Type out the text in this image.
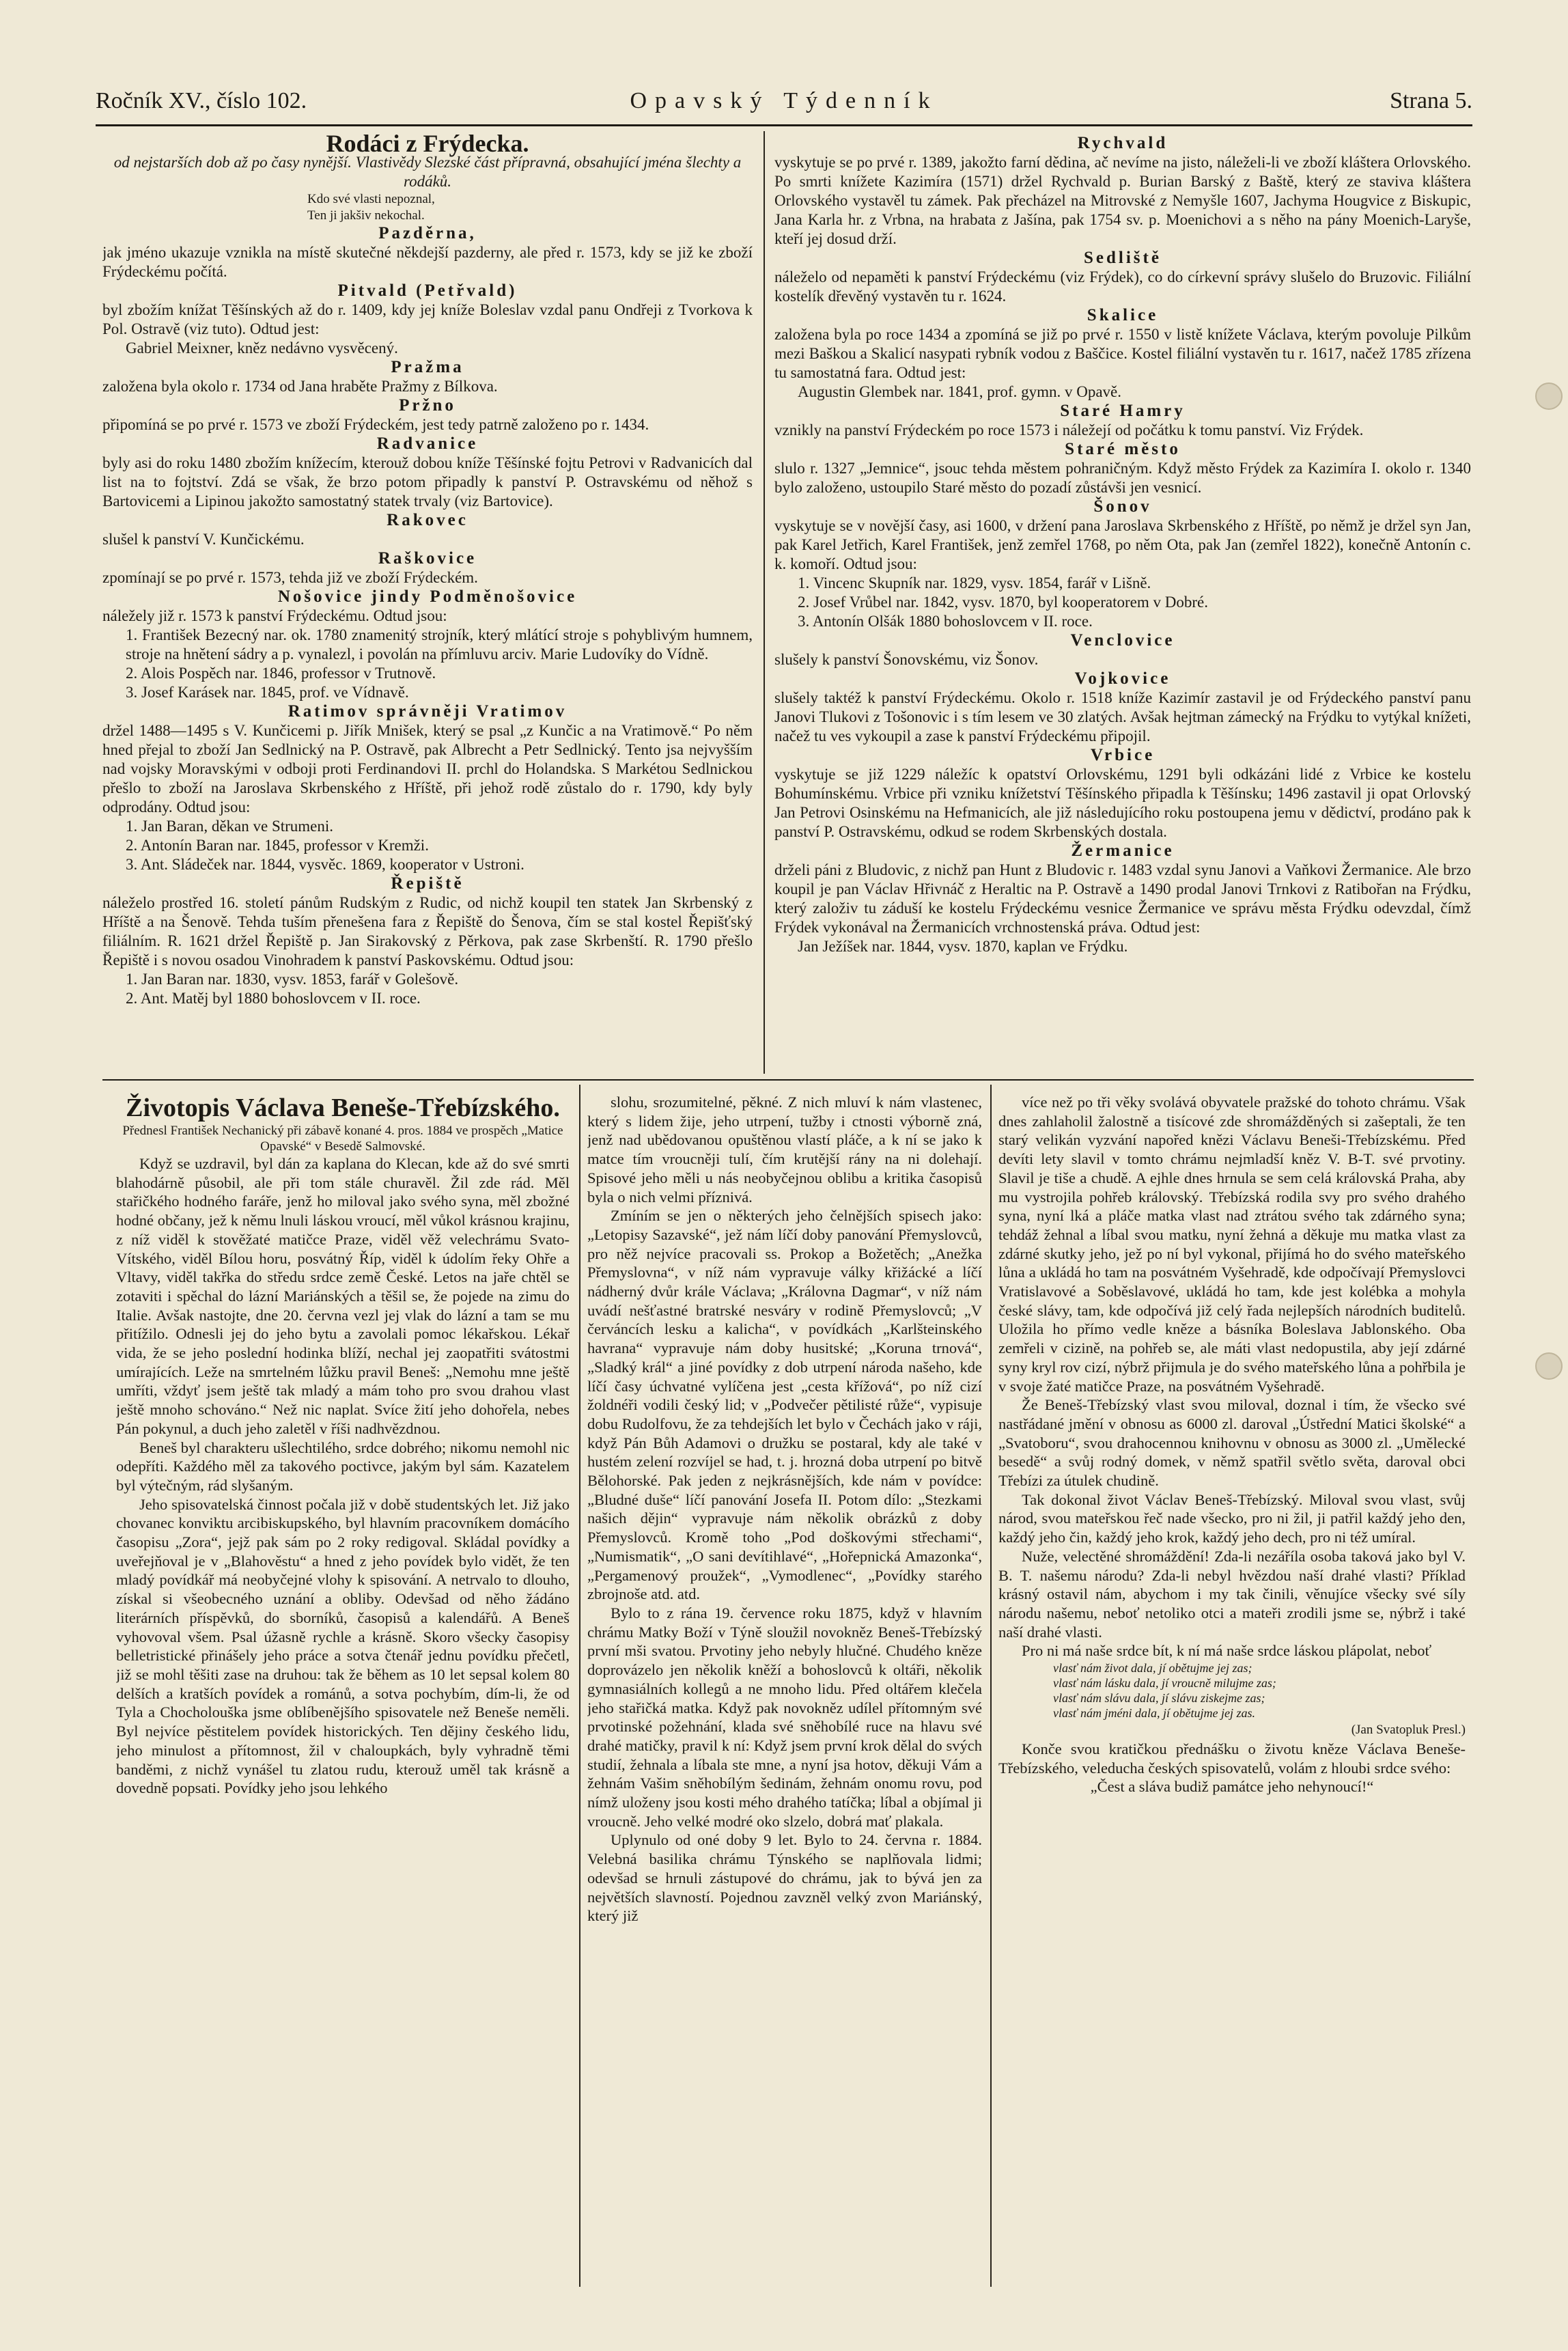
Ročník XV., číslo 102.	Opavský Týdenník	Strana 5.

Rodáci z Frýdecka.

od nejstarších dob až po časy nynější. Vlastivědy Slezské část přípravná, obsahující jména šlechty a rodáků.

Kdo své vlasti nepoznal,
Ten ji jakšiv nekochal.

Pazděrna,

jak jméno ukazuje vznikla na místě skutečné někdejší pazderny, ale před r. 1573, kdy se již ke zboží Frýdeckému počítá.

Pitvald (Petřvald)

byl zbožím knížat Těšínských až do r. 1409, kdy jej kníže Boleslav vzdal panu Ondřeji z Tvorkova k Pol. Ostravě (viz tuto). Odtud jest:

Gabriel Meixner, kněz nedávno vysvěcený.

Pražma

založena byla okolo r. 1734 od Jana hraběte Pražmy z Bílkova.

Pržno

připomíná se po prvé r. 1573 ve zboží Frýdeckém, jest tedy patrně založeno po r. 1434.

Radvanice

byly asi do roku 1480 zbožím knížecím, kterouž dobou kníže Těšínské fojtu Petrovi v Radvanicích dal list na to fojtství. Zdá se však, že brzo potom připadly k panství P. Ostravskému od něhož s Bartovicemi a Lipinou jakožto samostatný statek trvaly (viz Bartovice).

Rakovec

slušel k panství V. Kunčickému.

Raškovice

zpomínají se po prvé r. 1573, tehda již ve zboží Frýdeckém.

Nošovice jindy Podměnošovice

náležely již r. 1573 k panství Frýdeckému. Odtud jsou:

1. František Bezecný nar. ok. 1780 znamenitý strojník, který mlátící stroje s pohyblivým humnem, stroje na hnětení sádry a p. vynalezl, i povolán na přímluvu arciv. Marie Ludovíky do Vídně.

2. Alois Pospěch nar. 1846, professor v Trutnově.

3. Josef Karásek nar. 1845, prof. ve Vídnavě.

Ratimov správněji Vratimov

držel 1488—1495 s V. Kunčicemi p. Jiřík Mnišek, který se psal „z Kunčic a na Vratimově.“ Po něm hned přejal to zboží Jan Sedlnický na P. Ostravě, pak Albrecht a Petr Sedlnický. Tento jsa nejvyšším nad vojsky Moravskými v odboji proti Ferdinandovi II. prchl do Holandska. S Markétou Sedlnickou přešlo to zboží na Jaroslava Skrbenského z Hříště, při jehož rodě zůstalo do r. 1790, kdy byly odprodány. Odtud jsou:

1. Jan Baran, děkan ve Strumeni.

2. Antonín Baran nar. 1845, professor v Kremži.

3. Ant. Sládeček nar. 1844, vysvěc. 1869, kooperator v Ustroni.

Řepiště

náleželo prostřed 16. století pánům Rudským z Rudic, od nichž koupil ten statek Jan Skrbenský z Hříště a na Šenově. Tehda tuším přenešena fara z Řepiště do Šenova, čím se stal kostel Řepišťský filiálním. R. 1621 držel Řepiště p. Jan Sirakovský z Pěrkova, pak zase Skrbenští. R. 1790 přešlo Řepiště i s novou osadou Vinohradem k panství Paskovskému. Odtud jsou:

1. Jan Baran nar. 1830, vysv. 1853, farář v Golešově.

2. Ant. Matěj byl 1880 bohoslovcem v II. roce.

Rychvald

vyskytuje se po prvé r. 1389, jakožto farní dědina, ač nevíme na jisto, náleželi-li ve zboží kláštera Orlovského. Po smrti knížete Kazimíra (1571) držel Rychvald p. Burian Barský z Baště, který ze staviva kláštera Orlovského vystavěl tu zámek. Pak přecházel na Mitrovské z Nemyšle 1607, Jachyma Hougvice z Biskupic, Jana Karla hr. z Vrbna, na hrabata z Jašína, pak 1754 sv. p. Moenichovi a s něho na pány Moenich-Laryše, kteří jej dosud drží.

Sedliště

náleželo od nepaměti k panství Frýdeckému (viz Frýdek), co do církevní správy slušelo do Bruzovic. Filiální kostelík dřevěný vystavěn tu r. 1624.

Skalice

založena byla po roce 1434 a zpomíná se již po prvé r. 1550 v listě knížete Václava, kterým povoluje Pilkům mezi Baškou a Skalicí nasypati rybník vodou z Baščice. Kostel filiální vystavěn tu r. 1617, načež 1785 zřízena tu samostatná fara. Odtud jest:

Augustin Glembek nar. 1841, prof. gymn. v Opavě.

Staré Hamry

vznikly na panství Frýdeckém po roce 1573 i náležejí od počátku k tomu panství. Viz Frýdek.

Staré město

slulo r. 1327 „Jemnice“, jsouc tehda městem pohraničným. Když město Frýdek za Kazimíra I. okolo r. 1340 bylo založeno, ustoupilo Staré město do pozadí zůstávši jen vesnicí.

Šonov

vyskytuje se v novější časy, asi 1600, v držení pana Jaroslava Skrbenského z Hříště, po němž je držel syn Jan, pak Karel Jetřich, Karel František, jenž zemřel 1768, po něm Ota, pak Jan (zemřel 1822), konečně Antonín c. k. komoří. Odtud jsou:

1. Vincenc Skupník nar. 1829, vysv. 1854, farář v Lišně.

2. Josef Vrůbel nar. 1842, vysv. 1870, byl kooperatorem v Dobré.

3. Antonín Olšák 1880 bohoslovcem v II. roce.

Venclovice

slušely k panství Šonovskému, viz Šonov.

Vojkovice

slušely taktéž k panství Frýdeckému. Okolo r. 1518 kníže Kazimír zastavil je od Frýdeckého panství panu Janovi Tlukovi z Tošonovic i s tím lesem ve 30 zlatých. Avšak hejtman zámecký na Frýdku to vytýkal knížeti, načež tu ves vykoupil a zase k panství Frýdeckému připojil.

Vrbice

vyskytuje se již 1229 náležíc k opatství Orlovskému, 1291 byli odkázáni lidé z Vrbice ke kostelu Bohumínskému. Vrbice při vzniku knížetství Těšínského připadla k Těšínsku; 1496 zastavil ji opat Orlovský Jan Petrovi Osinskému na Hefmanicích, ale již následujícího roku postoupena jemu v dědictví, prodáno pak k panství P. Ostravskému, odkud se rodem Skrbenských dostala.

Žermanice

drželi páni z Bludovic, z nichž pan Hunt z Bludovic r. 1483 vzdal synu Janovi a Vaňkovi Žermanice. Ale brzo koupil je pan Václav Hřivnáč z Heraltic na P. Ostravě a 1490 prodal Janovi Trnkovi z Ratibořan na Frýdku, který založiv tu záduší ke kostelu Frýdeckému vesnice Žermanice ve správu města Frýdku odevzdal, čímž Frýdek vykonával na Žermanicích vrchnostenská práva. Odtud jest:

Jan Ježíšek nar. 1844, vysv. 1870, kaplan ve Frýdku.

Životopis Václava Beneše-Třebízského.

Přednesl František Nechanický při zábavě konané 4. pros. 1884 ve prospěch „Matice Opavské“ v Besedě Salmovské.

Když se uzdravil, byl dán za kaplana do Klecan, kde až do své smrti blahodárně působil, ale při tom stále churavěl. Žil zde rád. Měl stařičkého hodného faráře, jenž ho miloval jako svého syna, měl zbožné hodné občany, jež k němu lnuli láskou vroucí, měl vůkol krásnou krajinu, z níž viděl k stověžaté matičce Praze, viděl věž velechrámu Svato-Vítského, viděl Bílou horu, posvátný Říp, viděl k údolím řeky Ohře a Vltavy, viděl takřka do středu srdce země České. Letos na jaře chtěl se zotaviti i spěchal do lázní Mariánských a těšil se, že pojede na zimu do Italie. Avšak nastojte, dne 20. června vezl jej vlak do lázní a tam se mu přitížilo. Odnesli jej do jeho bytu a zavolali pomoc lékařskou. Lékař vida, že se jeho poslední hodinka blíží, nechal jej zaopatřiti svátostmi umírajících. Leže na smrtelném lůžku pravil Beneš: „Nemohu mne ještě umříti, vždyť jsem ještě tak mladý a mám toho pro svou drahou vlast ještě mnoho schováno.“ Než nic naplat. Svíce žití jeho dohořela, nebes Pán pokynul, a duch jeho zaletěl v říši nadhvězdnou.

Beneš byl charakteru ušlechtilého, srdce dobrého; nikomu nemohl nic odepříti. Každého měl za takového poctivce, jakým byl sám. Kazatelem byl výtečným, rád slyšaným.

Jeho spisovatelská činnost počala již v době studentských let. Již jako chovanec konviktu arcibiskupského, byl hlavním pracovníkem domácího časopisu „Zora“, jejž pak sám po 2 roky redigoval. Skládal povídky a uveřejňoval je v „Blahověstu“ a hned z jeho povídek bylo vidět, že ten mladý povídkář má neobyčejné vlohy k spisování. A netrvalo to dlouho, získal si všeobecného uznání a obliby. Odevšad od něho žádáno literárních příspěvků, do sborníků, časopisů a kalendářů. A Beneš vyhovoval všem. Psal úžasně rychle a krásně. Skoro všecky časopisy belletristické přinášely jeho práce a sotva čtenář jednu povídku přečetl, již se mohl těšiti zase na druhou: tak že během as 10 let sepsal kolem 80 delších a kratších povídek a románů, a sotva pochybím, dím-li, že od Tyla a Chocholouška jsme oblíbenějšího spisovatele než Beneše neměli. Byl nejvíce pěstitelem povídek historických. Ten dějiny českého lidu, jeho minulost a přítomnost, žil v chaloupkách, byly vyhradně těmi banděmi, z nichž vynášel tu zlatou rudu, kterouž uměl tak krásně a dovedně popsati. Povídky jeho jsou lehkého

slohu, srozumitelné, pěkné. Z nich mluví k nám vlastenec, který s lidem žije, jeho utrpení, tužby i ctnosti výborně zná, jenž nad ubědovanou opuštěnou vlastí pláče, a k ní se jako k matce tím vroucněji tulí, čím krutější rány na ni dolehají. Spisové jeho měli u nás neobyčejnou oblibu a kritika časopisů byla o nich velmi příznivá.

Zmíním se jen o některých jeho čelnějších spisech jako: „Letopisy Sazavské“, jež nám líčí doby panování Přemyslovců, pro něž nejvíce pracovali ss. Prokop a Božetěch; „Anežka Přemyslovna“, v níž nám vypravuje války křižácké a líčí nádherný dvůr krále Václava; „Královna Dagmar“, v níž nám uvádí nešťastné bratrské nesváry v rodině Přemyslovců; „V červáncích lesku a kalicha“, v povídkách „Karlšteinského havrana“ vypravuje nám doby husitské; „Koruna trnová“, „Sladký král“ a jiné povídky z dob utrpení národa našeho, kde líčí časy úchvatné vylíčena jest „cesta křížová“, po níž cizí žoldnéři vodili český lid; v „Podvečer pětilisté růže“, vypisuje dobu Rudolfovu, že za tehdejších let bylo v Čechách jako v ráji, když Pán Bůh Adamovi o družku se postaral, kdy ale také v hustém zelení rozvíjel se had, t. j. hrozná doba utrpení po bitvě Bělohorské. Pak jeden z nejkrásnějších, kde nám v povídce: „Bludné duše“ líčí panování Josefa II. Potom dílo: „Stezkami našich dějin“ vypravuje nám několik obrázků z doby Přemyslovců. Kromě toho „Pod doškovými střechami“, „Numismatik“, „O sani devítihlavé“, „Hořepnická Amazonka“, „Pergamenový proužek“, „Vymodlenec“, „Povídky starého zbrojnoše atd. atd.

Bylo to z rána 19. července roku 1875, když v hlavním chrámu Matky Boží v Týně sloužil novokněz Beneš-Třebízský první mši svatou. Prvotiny jeho nebyly hlučné. Chudého kněze doprovázelo jen několik kněží a bohoslovců k oltáři, několik gymnasiálních kollegů a ne mnoho lidu. Před oltářem klečela jeho stařičká matka. Když pak novokněz udílel přítomným své prvotinské požehnání, klada své sněhobílé ruce na hlavu své drahé matičky, pravil k ní: Když jsem první krok dělal do svých studií, žehnala a líbala ste mne, a nyní jsa hotov, děkuji Vám a žehnám Vašim sněhobílým šedinám, žehnám onomu rovu, pod nímž uloženy jsou kosti mého drahého tatíčka; líbal a objímal ji vroucně. Jeho velké modré oko slzelo, dobrá mať plakala.

Uplynulo od oné doby 9 let. Bylo to 24. června r. 1884. Velebná basilika chrámu Týnského se naplňovala lidmi; odevšad se hrnuli zástupové do chrámu, jak to bývá jen za největších slavností. Pojednou zavzněl velký zvon Mariánský, který již

více než po tři věky svolává obyvatele pražské do tohoto chrámu. Však dnes zahlaholil žalostně a tisícové zde shromážděných si zašeptali, že ten starý velikán vyzvání napořed knězi Václavu Beneši-Třebízskému. Před devíti lety slavil v tomto chrámu nejmladší kněz V. B-T. své prvotiny. Slavil je tiše a chudě. A ejhle dnes hrnula se sem celá královská Praha, aby mu vystrojila pohřeb královský. Třebízská rodila svy pro svého drahého syna, nyní lká a pláče matka vlast nad ztrátou svého tak zdárného syna; tehdáž žehnal a líbal svou matku, nyní žehná a děkuje mu matka vlast za zdárné skutky jeho, jež po ní byl vykonal, přijímá ho do svého mateřského lůna a ukládá ho tam na posvátném Vyšehradě, kde odpočívají Přemyslovci Vratislavové a Soběslavové, ukládá ho tam, kde jest kolébka a mohyla české slávy, tam, kde odpočívá již celý řada nejlepších národních buditelů. Uložila ho přímo vedle kněze a básníka Boleslava Jablonského. Oba zemřeli v cizině, na pohřeb se, ale máti vlast nedopustila, aby její zdárné syny kryl rov cizí, nýbrž přijmula je do svého mateřského lůna a pohřbila je v svoje žaté matičce Praze, na posvátném Vyšehradě.

Že Beneš-Třebízský vlast svou miloval, doznal i tím, že všecko své nastřádané jmění v obnosu as 6000 zl. daroval „Ústřední Matici školské“ a „Svatoboru“, svou drahocennou knihovnu v obnosu as 3000 zl. „Umělecké besedě“ a svůj rodný domek, v němž spatřil světlo světa, daroval obci Třebízi za útulek chudině.

Tak dokonal život Václav Beneš-Třebízský. Miloval svou vlast, svůj národ, svou mateřskou řeč nade všecko, pro ni žil, ji patřil každý jeho den, každý jeho čin, každý jeho krok, každý jeho dech, pro ni též umíral.

Nuže, velectěné shromáždění! Zda-li nezáříla osoba taková jako byl V. B. T. našemu národu? Zda-li nebyl hvězdou naší drahé vlasti? Příklad krásný ostavil nám, abychom i my tak činili, věnujíce všecky své síly národu našemu, neboť netoliko otci a mateři zrodili jsme se, nýbrž i také naší drahé vlasti.

Pro ni má naše srdce bít, k ní má naše srdce láskou plápolat, neboť

vlasť nám život dala, jí obětujme jej zas;
vlasť nám lásku dala, jí vroucně milujme zas;
vlasť nám slávu dala, jí slávu ziskejme zas;
vlasť nám jméni dala, jí obětujme jej zas.
(Jan Svatopluk Presl.)

Konče svou kratičkou přednášku o životu kněze Václava Beneše-Třebízského, veleducha českých spisovatelů, volám z hloubi srdce svého:

„Čest a sláva budiž památce jeho nehynoucí!“
